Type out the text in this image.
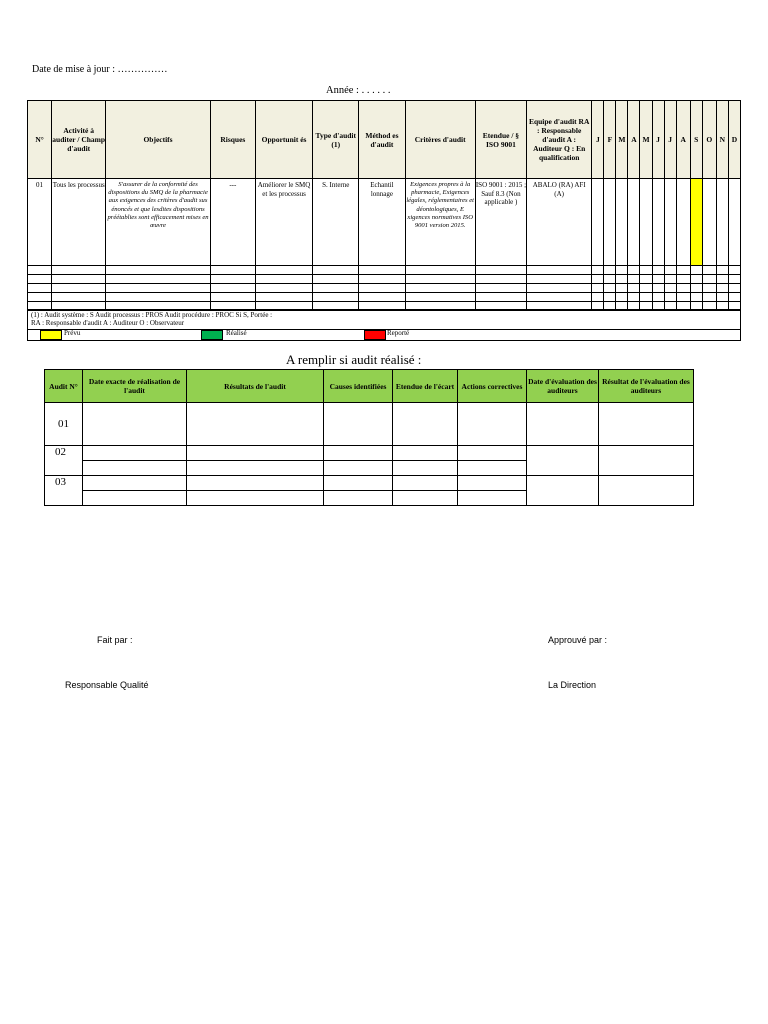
Date de mise à jour : ……………
Année : . . . . . .
N°	Activité à auditer / Champ d'audit	Objectifs	Risques	Opportunit és	Type d'audit (1)	Méthod es d'audit	Critères d'audit	Etendue / § ISO 9001	Equipe d'audit RA : Responsable d'audit A : Auditeur Q : En qualification	J	F	M	A	M	J	J	A	S	O	N	D
01	Tous les processus	S'assurer de la conformité des dispositions du SMQ de la pharmacie aux exigences des critères d'audit sus énoncés et que lesdites dispositions préétablies sont efficacement mises en œuvre	---	Améliorer le SMQ et les processus	S. Interne	Echantil lonnage	Exigences propres à la pharmacie, Exigences légales, réglementaires et déontologiques, E xigences normatives ISO 9001 version 2015.	ISO 9001 : 2015 ; Sauf 8.3 (Non applicable )	ABALO (RA) AFI (A)												

(1) : Audit système : S Audit processus : PROS Audit procédure : PROC Si S, Portée :
RA : Responsable d'audit A : Auditeur O : Observateur
Prévu	Réalisé	Reporté
A remplir si audit réalisé :
Audit N°	Date exacte de réalisation de l'audit	Résultats de l'audit	Causes identifiées	Etendue de l'écart	Actions correctives	Date d'évaluation des auditeurs	Résultat de l'évaluation des auditeurs
01							
02							

03							

Fait par :	Approuvé par :
Responsable Qualité	La Direction
